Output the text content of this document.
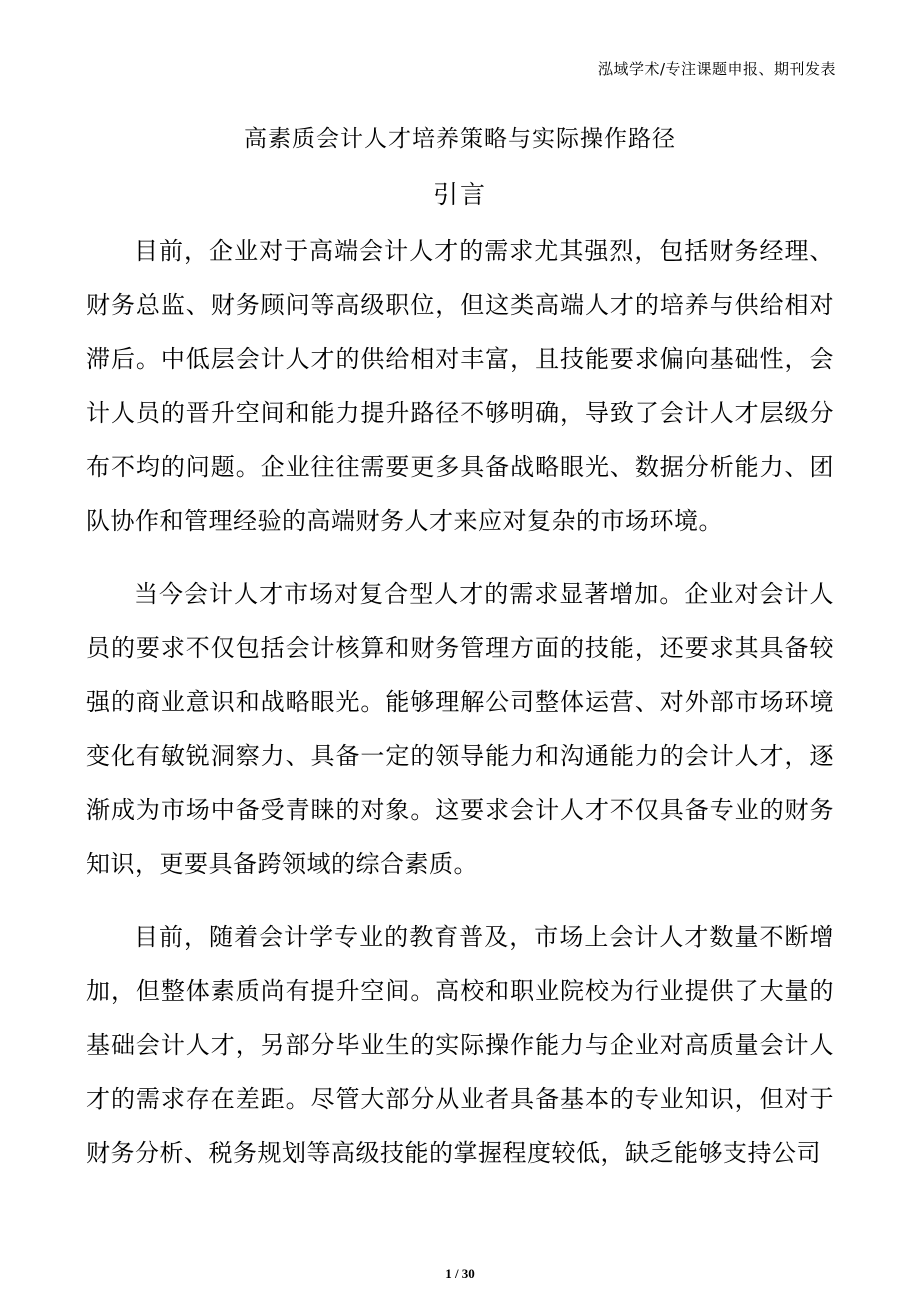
泓域学术/专注课题申报、期刊发表
高素质会计人才培养策略与实际操作路径
引言

目前，企业对于高端会计人才的需求尤其强烈，包括财务经理、财务总监、财务顾问等高级职位，但这类高端人才的培养与供给相对滞后。中低层会计人才的供给相对丰富，且技能要求偏向基础性，会计人员的晋升空间和能力提升路径不够明确，导致了会计人才层级分布不均的问题。企业往往需要更多具备战略眼光、数据分析能力、团队协作和管理经验的高端财务人才来应对复杂的市场环境。

当今会计人才市场对复合型人才的需求显著增加。企业对会计人员的要求不仅包括会计核算和财务管理方面的技能，还要求其具备较强的商业意识和战略眼光。能够理解公司整体运营、对外部市场环境变化有敏锐洞察力、具备一定的领导能力和沟通能力的会计人才，逐渐成为市场中备受青睐的对象。这要求会计人才不仅具备专业的财务知识，更要具备跨领域的综合素质。

目前，随着会计学专业的教育普及，市场上会计人才数量不断增加，但整体素质尚有提升空间。高校和职业院校为行业提供了大量的基础会计人才，另部分毕业生的实际操作能力与企业对高质量会计人才的需求存在差距。尽管大部分从业者具备基本的专业知识，但对于财务分析、税务规划等高级技能的掌握程度较低，缺乏能够支持公司

1 / 30
